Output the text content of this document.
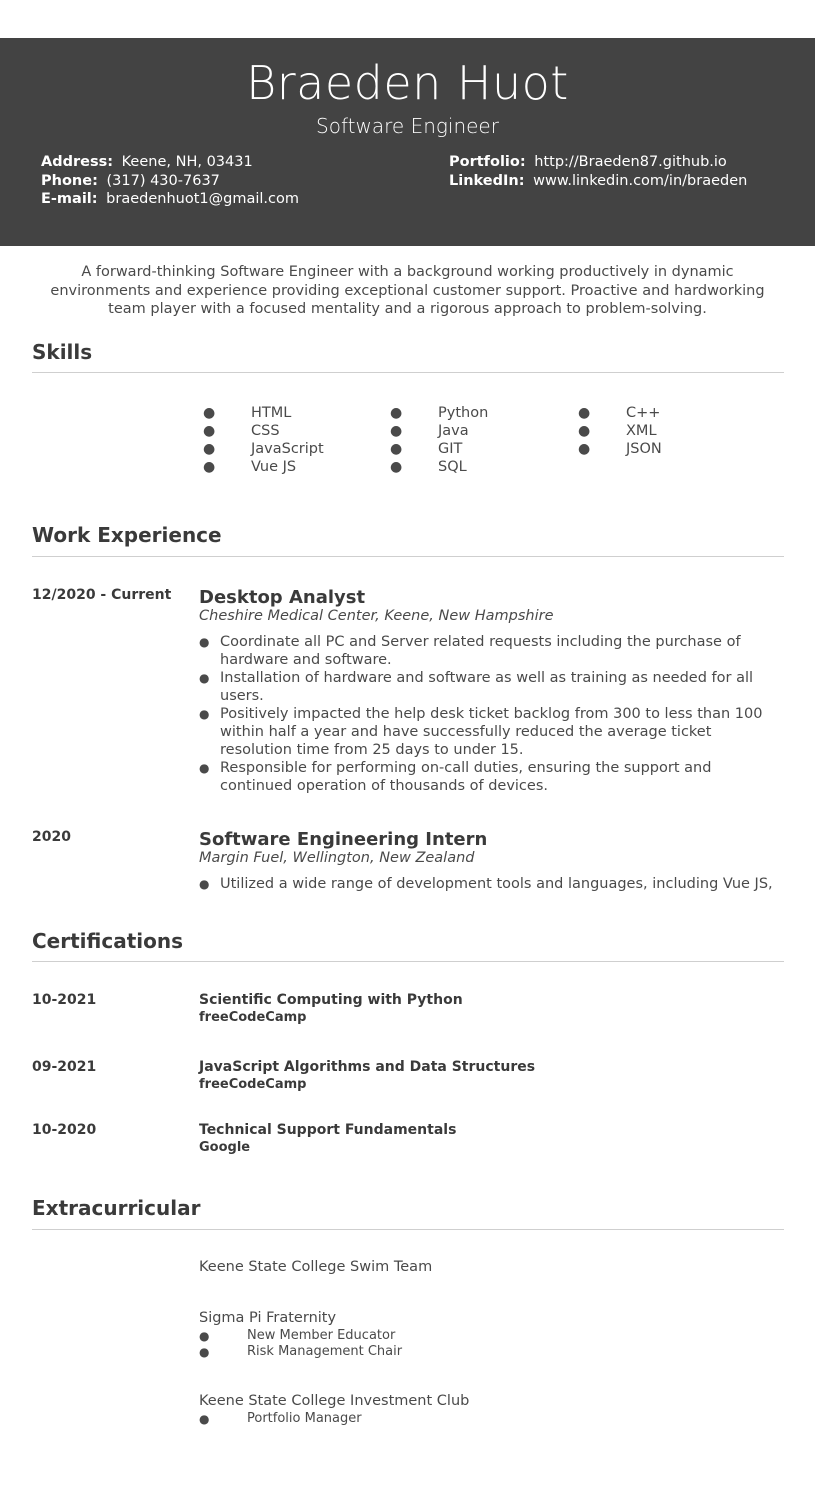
Braeden Huot
Software Engineer
Address: Keene, NH, 03431
Phone: (317) 430-7637
E-mail: braedenhuot1@gmail.com
Portfolio: http://Braeden87.github.io
LinkedIn: www.linkedin.com/in/braeden
A forward-thinking Software Engineer with a background working productively in dynamic environments and experience providing exceptional customer support. Proactive and hardworking team player with a focused mentality and a rigorous approach to problem-solving.
Skills
● HTML
● CSS
● JavaScript
● Vue JS
● Python
● Java
● GIT
● SQL
● C++
● XML
● JSON
Work Experience
12/2020 - Current Desktop Analyst
Cheshire Medical Center, Keene, New Hampshire
● Coordinate all PC and Server related requests including the purchase of hardware and software.
● Installation of hardware and software as well as training as needed for all users.
● Positively impacted the help desk ticket backlog from 300 to less than 100 within half a year and have successfully reduced the average ticket resolution time from 25 days to under 15.
● Responsible for performing on-call duties, ensuring the support and continued operation of thousands of devices.
2020	Software Engineering Intern
Margin Fuel, Wellington, New Zealand
● Utilized a wide range of development tools and languages, including Vue JS,
Certifications
10-2021	Scientific Computing with Python
freeCodeCamp
09-2021	JavaScript Algorithms and Data Structures
freeCodeCamp
10-2020	Technical Support Fundamentals
Google
Extracurricular
Keene State College Swim Team
Sigma Pi Fraternity
●	New Member Educator
●	Risk Management Chair
Keene State College Investment Club
●	Portfolio Manager
